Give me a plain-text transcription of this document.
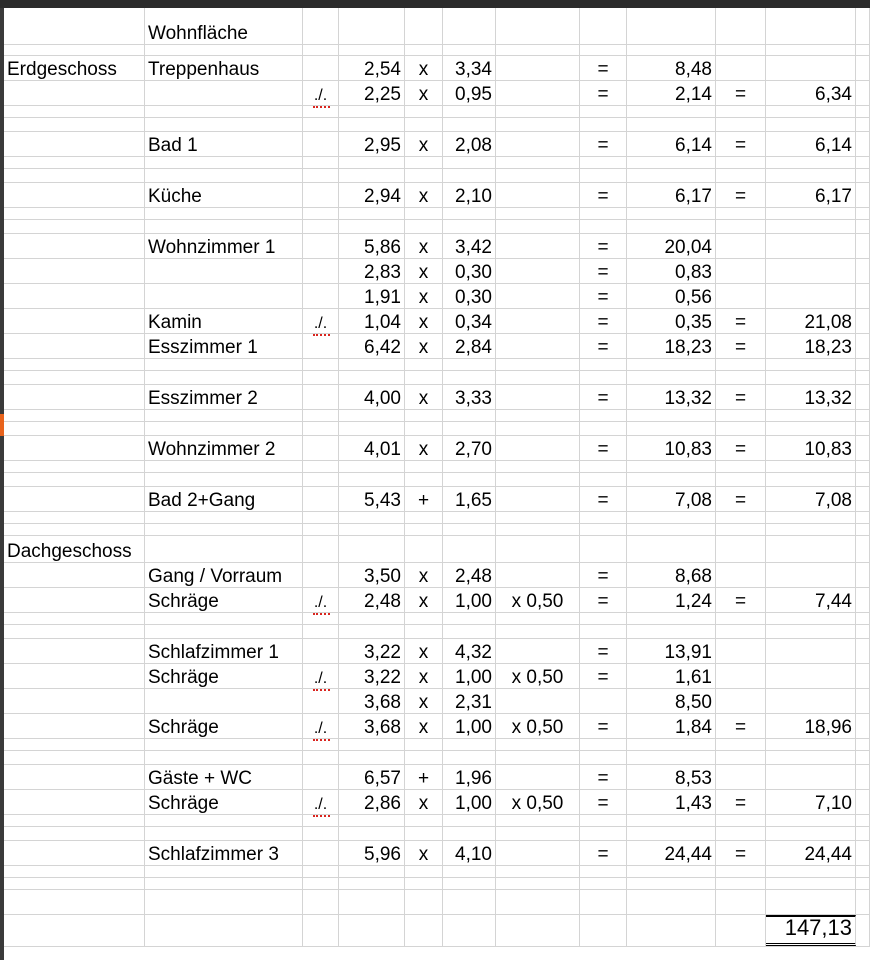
Wohnfläche
Erdgeschoss Treppenhaus	2,54 x 3,34	=	8,48
./. 2,25 x 0,95	=	2,14 =	6,34
Bad 1	2,95 x 2,08	=	6,14 =	6,14
Küche	2,94 x 2,10	=	6,17 =	6,17
Wohnzimmer 1	5,86 x 3,42	=	20,04
2,83 x 0,30	=	0,83
1,91 x 0,30	=	0,56
Kamin	./. 1,04 x 0,34	=	0,35 =	21,08
Esszimmer 1	6,42 x 2,84	=	18,23 =	18,23
Esszimmer 2	4,00 x 3,33	=	13,32 =	13,32
Wohnzimmer 2	4,01 x 2,70	=	10,83 =	10,83
Bad 2+Gang	5,43 + 1,65	=	7,08 =	7,08
Dachgeschoss
Gang / Vorraum	3,50 x 2,48	=	8,68
Schräge	./. 2,48 x 1,00 x 0,50 =	1,24 =	7,44
Schlafzimmer 1	3,22 x 4,32	=	13,91
Schräge	./. 3,22 x 1,00 x 0,50 =	1,61
3,68 x 2,31	8,50
Schräge	./. 3,68 x 1,00 x 0,50 =	1,84 =	18,96
Gäste + WC	6,57 + 1,96	=	8,53
Schräge	./. 2,86 x 1,00 x 0,50 =	1,43 =	7,10
Schlafzimmer 3	5,96 x 4,10	=	24,44 =	24,44
147,13
